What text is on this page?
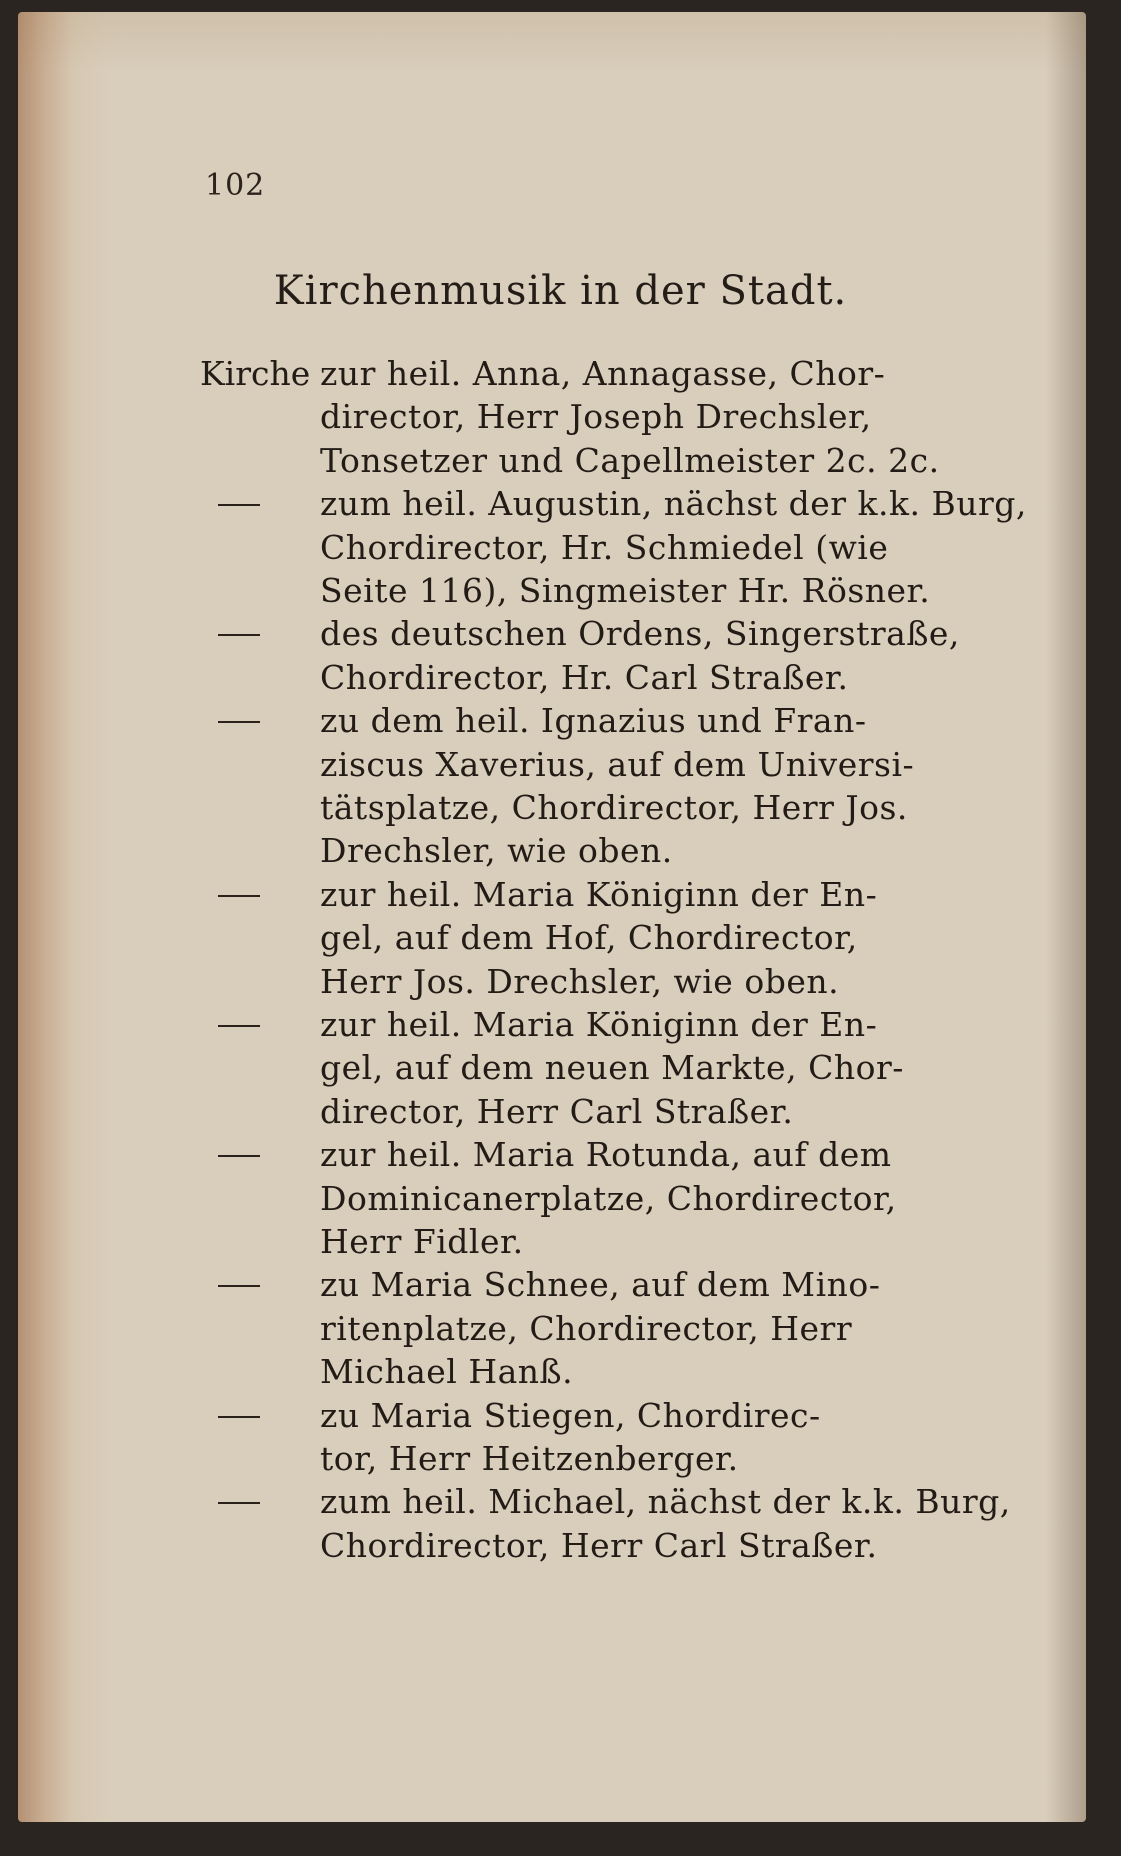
102
Kirchenmusik in der Stadt.
Kirche zur heil. Anna, Annagasse, Chor-
director, Herr Joseph Drechsler,
Tonsetzer und Capellmeister 2c. 2c.
zum heil. Augustin, nächst der k.k. Burg,
Chordirector, Hr. Schmiedel (wie
Seite 116), Singmeister Hr. Rösner.
des deutschen Ordens, Singerstraße,
Chordirector, Hr. Carl Straßer.
zu dem heil. Ignazius und Fran-
ziscus Xaverius, auf dem Universi-
tätsplatze, Chordirector, Herr Jos.
Drechsler, wie oben.
zur heil. Maria Königinn der En-
gel, auf dem Hof, Chordirector,
Herr Jos. Drechsler, wie oben.
zur heil. Maria Königinn der En-
gel, auf dem neuen Markte, Chor-
director, Herr Carl Straßer.
zur heil. Maria Rotunda, auf dem
Dominicanerplatze, Chordirector,
Herr Fidler.
zu Maria Schnee, auf dem Mino-
ritenplatze, Chordirector, Herr
Michael Hanß.
zu Maria Stiegen, Chordirec-
tor, Herr Heitzenberger.
zum heil. Michael, nächst der k.k. Burg,
Chordirector, Herr Carl Straßer.
